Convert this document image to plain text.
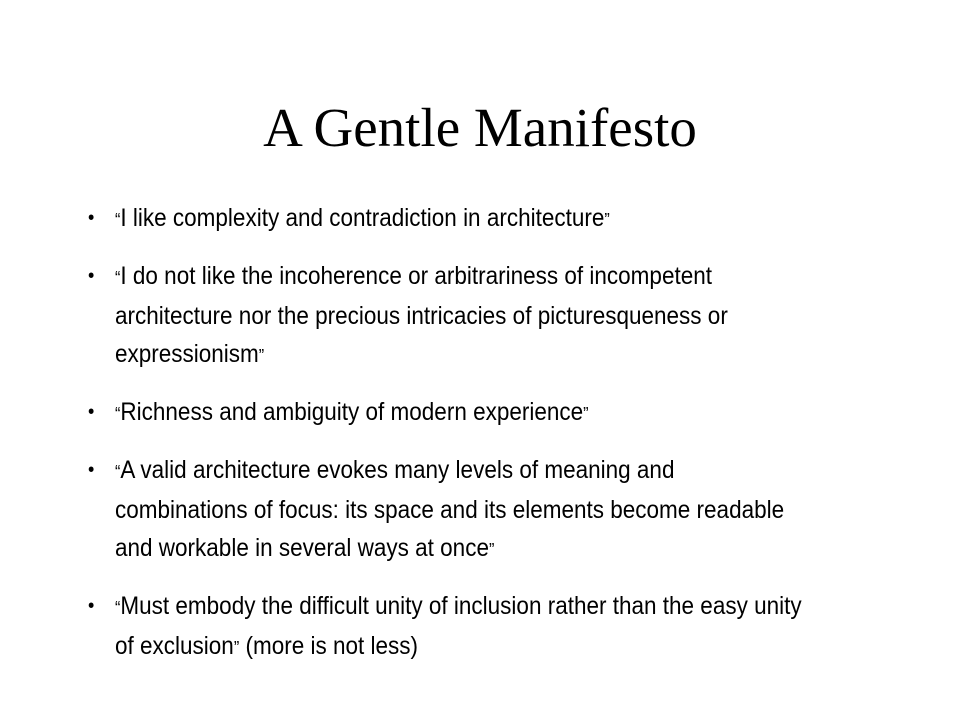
A Gentle Manifesto
• “I like complexity and contradiction in architecture”
• “I do not like the incoherence or arbitrariness of incompetent architecture nor the precious intricacies of picturesqueness or expressionism”
• “Richness and ambiguity of modern experience”
• “A valid architecture evokes many levels of meaning and combinations of focus: its space and its elements become readable and workable in several ways at once”
• “Must embody the difficult unity of inclusion rather than the easy unity of exclusion” (more is not less)
